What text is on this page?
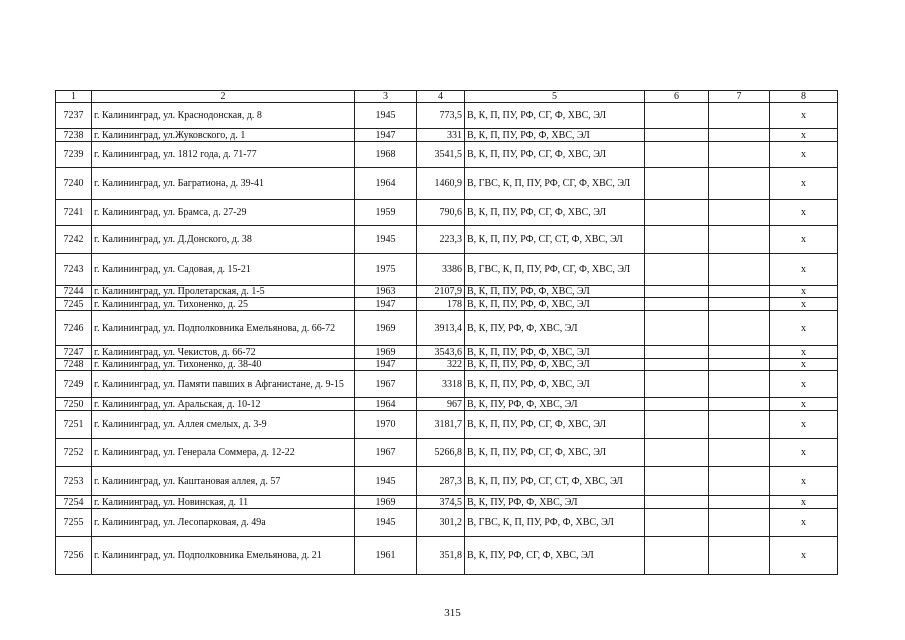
1	2	3	4	5	6	7	8
7237	г. Калининград, ул. Краснодонская, д. 8	1945	773,5	В, К, П, ПУ, РФ, СГ, Ф, ХВС, ЭЛ			х
7238	г. Калининград, ул.Жуковского, д. 1	1947	331	В, К, П, ПУ, РФ, Ф, ХВС, ЭЛ			х
7239	г. Калининград, ул. 1812 года, д. 71-77	1968	3541,5	В, К, П, ПУ, РФ, СГ, Ф, ХВС, ЭЛ			х
7240	г. Калининград, ул. Багратиона, д. 39-41	1964	1460,9	В, ГВС, К, П, ПУ, РФ, СГ, Ф, ХВС, ЭЛ			х
7241	г. Калининград, ул. Брамса, д. 27-29	1959	790,6	В, К, П, ПУ, РФ, СГ, Ф, ХВС, ЭЛ			х
7242	г. Калининград, ул. Д.Донского, д. 38	1945	223,3	В, К, П, ПУ, РФ, СГ, СТ, Ф, ХВС, ЭЛ			х
7243	г. Калининград, ул. Садовая, д. 15-21	1975	3386	В, ГВС, К, П, ПУ, РФ, СГ, Ф, ХВС, ЭЛ			х
7244	г. Калининград, ул. Пролетарская, д. 1-5	1963	2107,9	В, К, П, ПУ, РФ, Ф, ХВС, ЭЛ			х
7245	г. Калининград, ул. Тихоненко, д. 25	1947	178	В, К, П, ПУ, РФ, Ф, ХВС, ЭЛ			х
7246	г. Калининград, ул. Подполковника Емельянова, д. 66-72	1969	3913,4	В, К, ПУ, РФ, Ф, ХВС, ЭЛ			х
7247	г. Калининград, ул. Чекистов, д. 66-72	1969	3543,6	В, К, П, ПУ, РФ, Ф, ХВС, ЭЛ			х
7248	г. Калининград, ул. Тихоненко, д. 38-40	1947	322	В, К, П, ПУ, РФ, Ф, ХВС, ЭЛ			х
7249	г. Калининград, ул. Памяти павших в Афганистане, д. 9-15	1967	3318	В, К, П, ПУ, РФ, Ф, ХВС, ЭЛ			х
7250	г. Калининград, ул. Аральская, д. 10-12	1964	967	В, К, ПУ, РФ, Ф, ХВС, ЭЛ			х
7251	г. Калининград, ул. Аллея смелых, д. 3-9	1970	3181,7	В, К, П, ПУ, РФ, СГ, Ф, ХВС, ЭЛ			х
7252	г. Калининград, ул. Генерала Соммера, д. 12-22	1967	5266,8	В, К, П, ПУ, РФ, СГ, Ф, ХВС, ЭЛ			х
7253	г. Калининград, ул. Каштановая аллея, д. 57	1945	287,3	В, К, П, ПУ, РФ, СГ, СТ, Ф, ХВС, ЭЛ			х
7254	г. Калининград, ул. Новинская, д. 11	1969	374,5	В, К, ПУ, РФ, Ф, ХВС, ЭЛ			х
7255	г. Калининград, ул. Лесопарковая, д. 49а	1945	301,2	В, ГВС, К, П, ПУ, РФ, Ф, ХВС, ЭЛ			х
7256	г. Калининград, ул. Подполковника Емельянова, д. 21	1961	351,8	В, К, ПУ, РФ, СГ, Ф, ХВС, ЭЛ			х
315
